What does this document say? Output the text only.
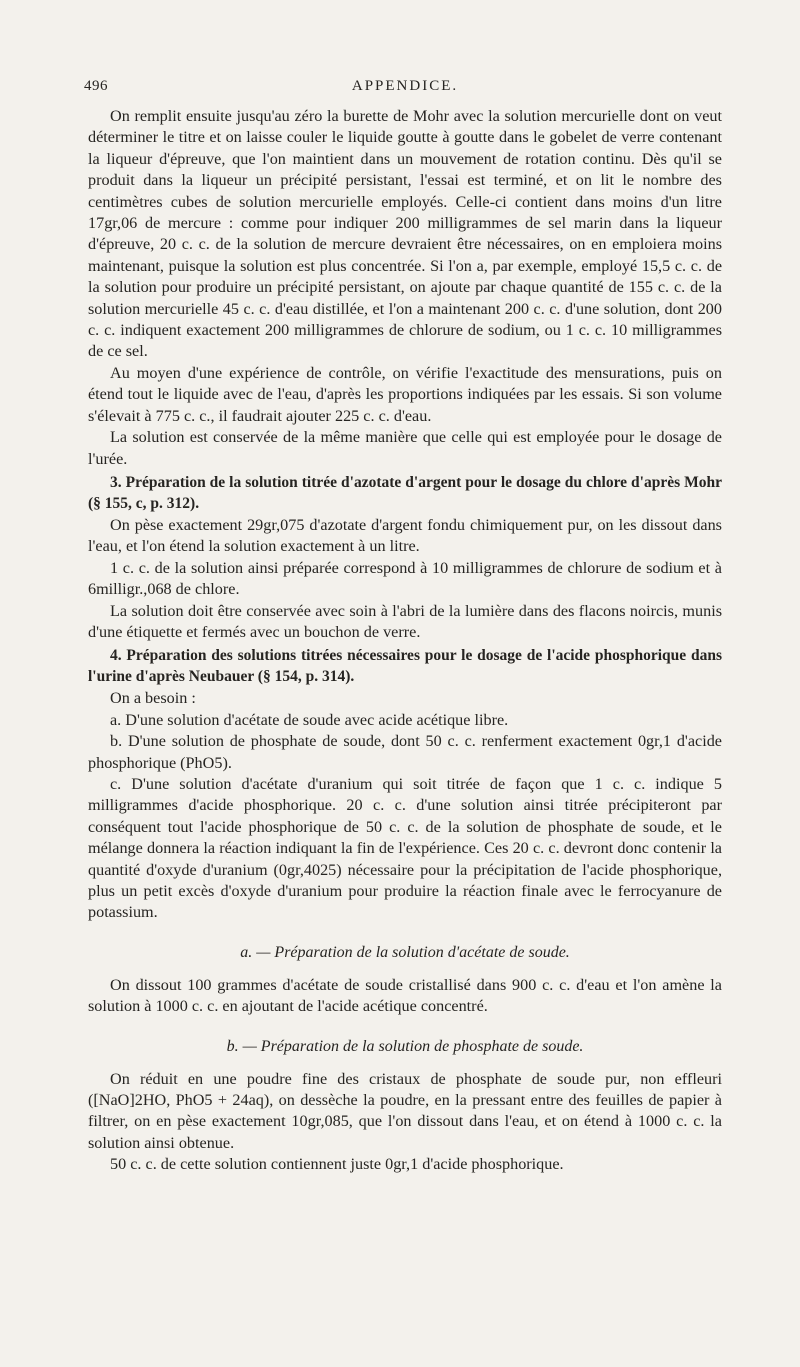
496	APPENDICE.

On remplit ensuite jusqu'au zéro la burette de Mohr avec la solution mercurielle dont on veut déterminer le titre et on laisse couler le liquide goutte à goutte dans le gobelet de verre contenant la liqueur d'épreuve, que l'on maintient dans un mouvement de rotation continu. Dès qu'il se produit dans la liqueur un précipité persistant, l'essai est terminé, et on lit le nombre des centimètres cubes de solution mercurielle employés. Celle-ci contient dans moins d'un litre 17gr,06 de mercure : comme pour indiquer 200 milligrammes de sel marin dans la liqueur d'épreuve, 20 c. c. de la solution de mercure devraient être nécessaires, on en emploiera moins maintenant, puisque la solution est plus concentrée. Si l'on a, par exemple, employé 15,5 c. c. de la solution pour produire un précipité persistant, on ajoute par chaque quantité de 155 c. c. de la solution mercurielle 45 c. c. d'eau distillée, et l'on a maintenant 200 c. c. d'une solution, dont 200 c. c. indiquent exactement 200 milligrammes de chlorure de sodium, ou 1 c. c. 10 milligrammes de ce sel.

Au moyen d'une expérience de contrôle, on vérifie l'exactitude des mensurations, puis on étend tout le liquide avec de l'eau, d'après les proportions indiquées par les essais. Si son volume s'élevait à 775 c. c., il faudrait ajouter 225 c. c. d'eau.

La solution est conservée de la même manière que celle qui est employée pour le dosage de l'urée.

3. Préparation de la solution titrée d'azotate d'argent pour le dosage du chlore d'après Mohr (§ 155, c, p. 312).

On pèse exactement 29gr,075 d'azotate d'argent fondu chimiquement pur, on les dissout dans l'eau, et l'on étend la solution exactement à un litre.

1 c. c. de la solution ainsi préparée correspond à 10 milligrammes de chlorure de sodium et à 6milligr.,068 de chlore.

La solution doit être conservée avec soin à l'abri de la lumière dans des flacons noircis, munis d'une étiquette et fermés avec un bouchon de verre.

4. Préparation des solutions titrées nécessaires pour le dosage de l'acide phosphorique dans l'urine d'après Neubauer (§ 154, p. 314).

On a besoin :

a. D'une solution d'acétate de soude avec acide acétique libre.

b. D'une solution de phosphate de soude, dont 50 c. c. renferment exactement 0gr,1 d'acide phosphorique (PhO5).

c. D'une solution d'acétate d'uranium qui soit titrée de façon que 1 c. c. indique 5 milligrammes d'acide phosphorique. 20 c. c. d'une solution ainsi titrée précipiteront par conséquent tout l'acide phosphorique de 50 c. c. de la solution de phosphate de soude, et le mélange donnera la réaction indiquant la fin de l'expérience. Ces 20 c. c. devront donc contenir la quantité d'oxyde d'uranium (0gr,4025) nécessaire pour la précipitation de l'acide phosphorique, plus un petit excès d'oxyde d'uranium pour produire la réaction finale avec le ferrocyanure de potassium.

a. — Préparation de la solution d'acétate de soude.

On dissout 100 grammes d'acétate de soude cristallisé dans 900 c. c. d'eau et l'on amène la solution à 1000 c. c. en ajoutant de l'acide acétique concentré.

b. — Préparation de la solution de phosphate de soude.

On réduit en une poudre fine des cristaux de phosphate de soude pur, non effleuri ([NaO]2HO, PhO5 + 24aq), on dessèche la poudre, en la pressant entre des feuilles de papier à filtrer, on en pèse exactement 10gr,085, que l'on dissout dans l'eau, et on étend à 1000 c. c. la solution ainsi obtenue.

50 c. c. de cette solution contiennent juste 0gr,1 d'acide phosphorique.
